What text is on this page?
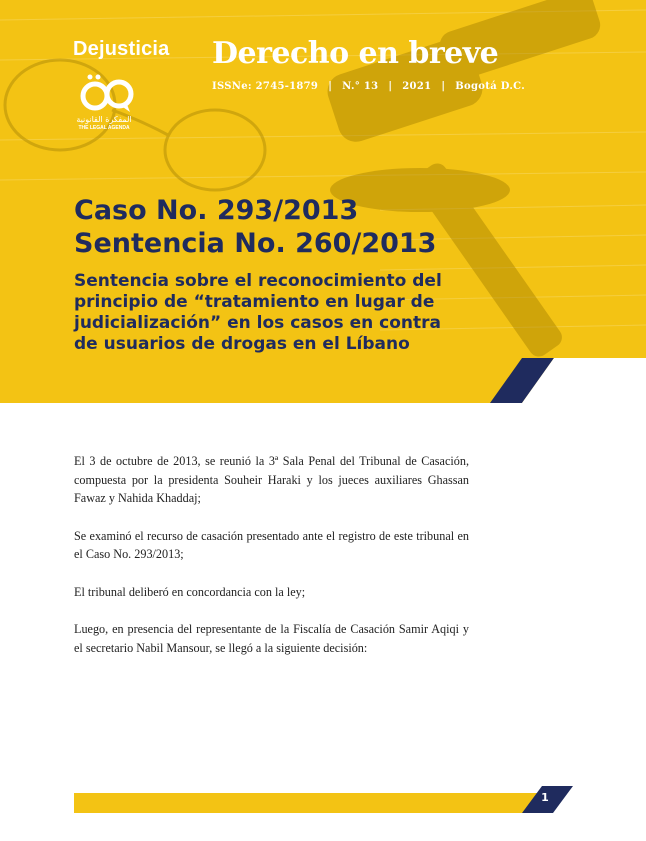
Dejusticia
المفكرة القانونية
THE LEGAL AGENDA
Derecho en breve
ISSNe: 2745-1879 | N.° 13 | 2021 | Bogotá D.C.
Caso No. 293/2013
Sentencia No. 260/2013
Sentencia sobre el reconocimiento del principio de “tratamiento en lugar de judicialización” en los casos en contra de usuarios de drogas en el Líbano

El 3 de octubre de 2013, se reunió la 3ª Sala Penal del Tribunal de Casación, compuesta por la presidenta Souheir Haraki y los jueces auxiliares Ghassan Fawaz y Nahida Khaddaj;

Se examinó el recurso de casación presentado ante el registro de este tribunal en el Caso No. 293/2013;

El tribunal deliberó en concordancia con la ley;

Luego, en presencia del representante de la Fiscalía de Casación Samir Aqiqi y el secretario Nabil Mansour, se llegó a la siguiente decisión:

1
